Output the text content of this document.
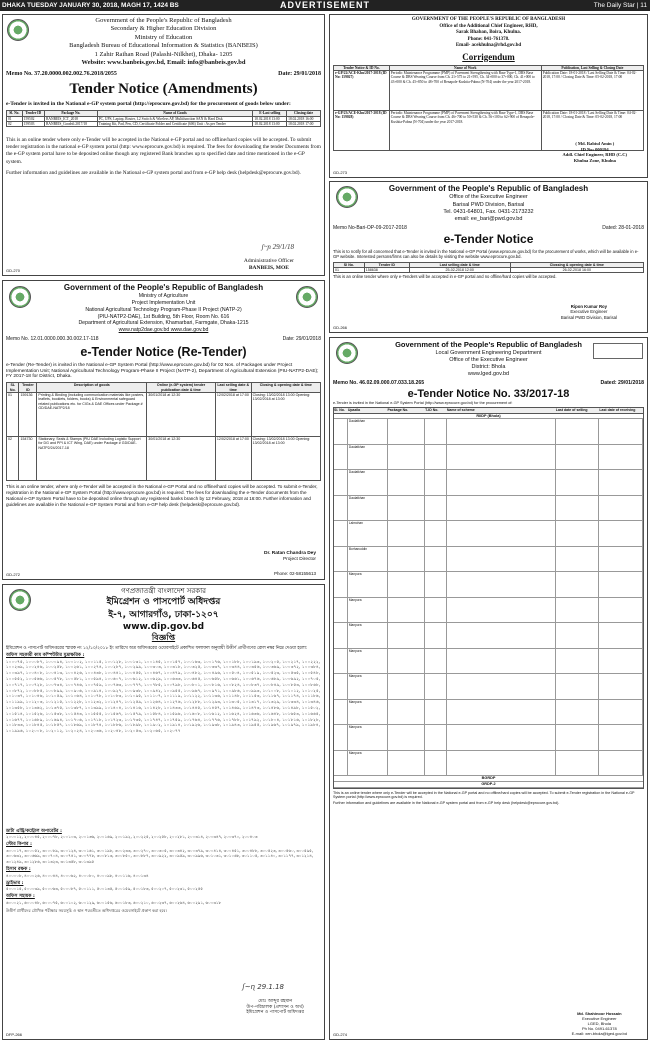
DHAKA TUESDAY JANUARY 30, 2018, MAGH 17, 1424 BS	ADVERTISEMENT	The Daily Star | 11
Government of the People's Republic of Bangladesh
Secondary & Higher Education Division
Ministry of Education
Bangladesh Bureau of Educational Information & Statistics (BANBEIS)
1 Zahir Raihan Road (Palashi-Nilkhet), Dhaka- 1205
Website: www.banbeis.gov.bd, Email: info@banbeis.gov.bd
Memo No. 37.20.0000.002.002.76.2018/2055	Date: 29/01/2018
Tender Notice (Amendments)
e-Tender is invited in the National e-GP system portal (http://eprocure.gov.bd) for the procurement of goods below under:
Sl. No.	Tender ID	Package No.	Name of Goods	E-Last selling	Closing date
01	159502	BANBEIS_ICT_2018	PC, UPS, Laptop, Router, L2 Switch & Wireless AP, Multifunction SAN & Hard Disk	18.02.2018 13:00	18.02.2018 16:00
02	159503	BANBEIS_Goods6.2017/18	Training Kit, Pad, Pen, CD, Certificate Folder and Certificate (606) Unit : As per Tender	18.02.2018 13:00	18.02.2018 17:00
This is an online tender where only e-Tender will be accepted in the National e-GP portal and no offline/hard copies will be accepted. To submit tender registration in the national e-GP system portal (http: www.eprocure.gov.bd) is required. The fees for downloading the tender Documents from the e-GP system portal have to be deposited online though any registered Bank branches up to specified date and time mentioned in the e-GP system.
Further information and guidelines are available in the National e-GP system portal and from e-GP help desk (helpdesk@eprocure.gov.bd).
ʃ~ɲ 29/1/18
Administrative Officer
BANBEIS, MOE
GD-270
GOVERNMENT OF THE PEOPLE'S REPUBLIC OF BANGLADESH
Office of the Additional Chief Engineer, RHD,
Sarak Bhaban, Boira, Khulna.
Phone: 041-761378.
Email- acekhulna@rhd.gov.bd
Corrigendum
Tender Notice & ID No.	Name of Work	Publication, Last Selling & Closing Date
e-GP/22/ACE-Khu/2017-2018 (ID No: 159027)	Periodic Maintenance Programme (PMP) of Pavement Strengthening with Base Type-1, DBS Base Course & DBS Wearing Course from Ch. 21+575 to 21+595, Ch. 34+000 to 37+000, Ch. 41+000 to 43+000 & Ch. 45+850 to 48+700 of Benapole-Kushtia-Pabna (N-704) under the year 2017-2018.	Publication Date: 18-01-2018 / Last Selling Date & Time: 04-02-2018, 17:00 / Closing Date & Time: 05-02-2018, 17:00
e-GP/23/ACE-Khu/2017-2018 (ID No: 159028)	Periodic Maintenance Programme (PMP) of Pavement Strengthening with Base Type-1, DBS Base Course & DBS Wearing Course from Ch. 46+700 to 50+530 & Ch. 56+100 to 62+900 of Benapole-Kushtia-Pabna (N-704) under the year 2017-2018.	Publication Date: 18-01-2018 / Last Selling Date & Time: 04-02-2018, 17:00 / Closing Date & Time: 05-02-2018, 17:00
( Md. Rabiul Amin )
ID No: 000194
Addl. Chief Engineer, RHD (C.C)
Khulna Zone, Khulna
GD-273
Government of the People's Republic of Bangladesh
Office of the Executive Engineer
Barisal PWD Division, Barisal
Tel. 0431-64801, Fax. 0431-2173232
email: ee_bari@pwd.gov.bd
Memo No-Bari-OP-09-2017-2018	Dated: 28-01-2018
e-Tender Notice
This is to notify for all concerned that e-Tender is invited in the National e-GP Portal (www.eprocure.gov.bd) for the procurement of works, which will be available in e-GP website. Interested persons/firms can also be details by visiting the website www.eprocure.gov.bd.
Sl No.	Tender ID	Last selling date & time	Clossing & opening date & time
01	158638	25-02-2018 12:00	26-02-2018 16:00
This is an online tender where only e-Tenders will be accepted in e-GP portal and no offline/hard copies will be accepted.
Ripon Kumar Roy
Executive Engineer
Barisal PWD Division, Barisal
GD-266
Government of the People's Republic of Bangladesh
Ministry of Agriculture
Project Implementation Unit
National Agricultural Technology Program-Phase II Project (NATP-2)
(PIU-NATP2-DAE), 1st Building, 5th Floor, Room No. 616
Department of Agricultural Extension, Khamarbari, Farmgate, Dhaka-1215
www.natp2dae.gov.bd www.dae.gov.bd
Memo No. 12.01.0000.000.30.002.17-118	Date: 29/01/2018
e-Tender Notice (Re-Tender)
e-Tender (Re-Tender) is invited in the National e-GP System Portal (http://www.eprocure.gov.bd) for 02 Nos. of Packages under Project Implementation Unit; National Agricultural Technology Program-Phase II Project (NATP-2), Department of Agricultural Extension (PIU-NATP2-DAE); FY 2017-18 for District, Dhaka.
SL No.	Tender ID	Description of goods	Online (e-GP system) tender publication date & time	Last selling date & time	Closing & opening date & time
01	159136	Printing & Binding (including communication materials like posters, leaflets, booklets, folders, books) & Environmental safeguard related publications etc. for CIGs & DAE Offices under Package # GD/DAE-NATP2/18	30/01/2018 at 12:30	12/02/2018 at 17:00	Closing: 13/02/2018 13:00 Opening: 13/02/2018 at 13:00
02	154730	Stationary, Seals & Stamps (PIU DAE Including Logistic Support for DG and PPI & ICT Wing, DAE) under Package # GD/DAE-NATP2/24/2017-18	30/01/2018 at 12:30	12/02/2018 at 17:00	Closing: 13/02/2018 13:00 Opening: 13/02/2018 at 13:00
This is an online tender, where only e-Tender will be accepted in the National e-GP Portal and no offline/hard copies will be accepted. To submit e-Tender, registration in the National e-GP System Portal (http://www.eprocure.gov.bd) is required. The fees for downloading the e-Tender documents from the National e-GP System Portal have to be deposited online through any registered banks branch by 12 February, 2018 at 16:00. Further information and guidelines are available in the National e-GP System Portal and from e-GP help desk (helpdesk@eprocure.gov.bd).
Dr. Ratan Chandra Dey
Project Director
Phone: 02-58155613
GD-272
গণপ্রজাতন্ত্রী বাংলাদেশ সরকার
ইমিগ্রেশন ও পাসপোর্ট অধিদপ্তর
ই-৭, আগারগাঁও, ঢাকা-১২০৭
www.dip.gov.bd
বিজ্ঞপ্তি
ইমিগ্রেশন ও পাসপোর্ট অধিদপ্তরের স্মারক নং ১২/১০/২০১৮ ইং তারিখে অত্র অধিদপ্তরের ওয়েবসাইটে প্রকাশিত ফলাফল অনুযায়ী উত্তীর্ণ প্রার্থীগণের রোল নম্বর নিম্নে দেওয়া হলো:
অফিস সহকারী কাম কম্পিউটার মুদ্রাক্ষরিক :
১০০০৭৫, ১০০০৮৭, ১০০০৯৪, ১০০১০২, ১০০১১৫, ১০০১২৮, ১০০১৩১, ১০০১৪৫, ১০০১৫৭, ১০০১৬৩, ১০০১৭৬, ১০০১৮৮, ১০০১৯৩, ১০০২০৫, ১০০২১৭, ১০০২২২, ১০০২৩৯, ১০০২৪৬, ১০০২৫৮, ১০০২৬১, ১০০২৭৪, ১০০২৮৭, ১০০২৯৯, ১০০৩০৩, ১০০৩১৮, ১০০৩২৫, ১০০৩৩৭, ১০০৩৪৪, ১০০৩৫৬, ১০০৩৬৯, ১০০৩৭২, ১০০৩৮৪, ১০০৩৯৭, ১০০৪০৮, ১০০৪১৩, ১০০৪২৬, ১০০৪৩৮, ১০০৪৪১, ১০০৪৫৫, ১০০৪৬৭, ১০০৪৭৯, ১০০৪৮২, ১০০৪৯৬, ১০০৫০৪, ১০০৫১৯, ১০০৫২৩, ১০০৫৩৫, ১০০৫৪৮, ১০০৫৫২, ১০০৫৬৬, ১০০৫৭৮, ১০০৫৮১, ১০০৫৯৪, ১০০৬০৭, ১০০৬১২, ১০০৬২৯, ১০০৬৩৩, ১০০৬৪৫, ১০০৬৫৮, ১০০৬৬১, ১০০৬৭৬, ১০০৬৮৯, ১০০৬৯২, ১০০৭০৫, ১০০৭১৭, ১০০৭২৮, ১০০৭৩৪, ১০০৭৪৬, ১০০৭৫৯, ১০০৭৬৩, ১০০৭৭৭, ১০০৭৮৫, ১০০৭৯৮, ১০০৮০১, ১০০৮১৬, ১০০৮২৪, ১০০৮৩৭, ১০০৮৪৯, ১০০৮৫৩, ১০০৮৬৮, ১০০৮৭২, ১০০৮৮৫, ১০০৮৯৯, ১০০৯০৬, ১০০৯১৪, ১০০৯২৭, ১০০৯৩৮, ১০০৯৪২, ১০০৯৫৫, ১০০৯৬৭, ১০০৯৭১, ১০০৯৮৬, ১০০৯৯৩, ১০১০০৮, ১০১০১২, ১০১০২৫, ১০১০৩৭, ১০১০৪৬, ১০১০৫৯, ১০১০৬৪, ১০১০৭৮, ১০১০৮৩, ১০১০৯৫, ১০১১০৭, ১০১১১৯, ১০১১২২, ১০১১৩৬, ১০১১৪৮, ১০১১৫৩, ১০১১৬৭, ১০১১৭৪, ১০১১৮৬, ১০১১৯৯, ১০১২০৩, ১০১২১৫, ১০১২২৮, ১০১২৩২, ১০১২৪৭, ১০১২৫৯, ১০১২৬৪, ১০১২৭৬, ১০১২৮৮, ১০১২৯৩, ১০১৩০৫, ১০১৩১৭, ১০১৩২৯, ১০১৩৩৪, ১০১৩৪৬, ১০১৩৫৮, ১০১৩৬২, ১০১৩৭৫, ১০১৩৮৭, ১০১৩৯৯, ১০১৪০৪, ১০১৪১৬, ১০১৪২৮, ১০১৪৩৩, ১০১৪৪৫, ১০১৪৫৭, ১০১৪৬৯, ১০১৪৭৩, ১০১৪৮৬, ১০১৪৯৮, ১০১৫০২, ১০১৫১৪, ১০১৫২৬, ১০১৫৩৮, ১০১৫৪৩, ১০১৫৫৫, ১০১৫৬৭, ১০১৫৭৯, ১০১৫৮৪, ১০১৫৯৬, ১০১৬০৮, ১০১৬১২, ১০১৬২৪, ১০১৬৩৬, ১০১৬৪৮, ১০১৬৫৩, ১০১৬৬৫, ১০১৬৭৭, ১০১৬৮৯, ১০১৬৯৪, ১০১৭০৬, ১০১৭১৮, ১০১৭২৩, ১০১৭৩৫, ১০১৭৪৭, ১০১৭৫৯, ১০১৭৬৪, ১০১৭৭৬, ১০১৭৮৮, ১০১৭৯২, ১০১৮০৪, ১০১৮১৬, ১০১৮২৮, ১০১৮৩৩, ১০১৮৪৫, ১০১৮৫৭, ১০১৮৬৯, ১০১৮৭৪, ১০১৮৮৬, ১০১৮৯৮, ১০১৯০২, ১০১৯১৪, ১০১৯২৬, ১০১৯৩৮, ১০১৯৪৩, ১০১৯৫৫, ১০১৯৬৭, ১০১৯৭৯, ১০১৯৮৪, ১০১৯৯৬, ১০২০০৮, ১০২০১২, ১০২০২৪, ১০২০৩৬, ১০২০৪৮, ১০২০৫৩, ১০২০৬৫, ১০২০৭৭
ডাটা এন্ট্রি/কন্ট্রোল অপারেটর :
২০০০১২, ২০০০৪৫, ২০০০৭৮, ২০০১০৩, ২০০১৩৬, ২০০১৬৯, ২০০১৯২, ২০০২২৫, ২০০২৫৮, ২০০২৮১, ২০০৩১৪, ২০০৩৪৭, ২০০৩৭০, ২০০৪০৩
স্টোর কিপার :
৩০০০১৭, ৩০০০৫২, ৩০০০৮৯, ৩০০১২৪, ৩০০১৬১, ৩০০১৯৮, ৩০০২৩৩, ৩০০২৭০, ৩০০৩০৫, ৩০০৩৪২, ৩০০৩৭৯, ৩০০৪১৪, ৩০০৪৫১, ৩০০৪৮৮, ৩০০৫২৩, ৩০০৫৬০, ৩০০৫৯৫, ৩০০৬৩২, ৩০০৬৬৯, ৩০০৭০৪, ৩০০৭৪১, ৩০০৭৭৮, ৩০০৮১৩, ৩০০৮৫০, ৩০০৮৮৭, ৩০০৯২২, ৩০০৯৫৯, ৩০০৯৯৬, ৩০১০৩১, ৩০১০৬৮, ৩০১১০৫, ৩০১১৪০, ৩০১১৭৭, ৩০১২১৪, ৩০১২৪৯, ৩০১২৮৬, ৩০১৩২৩, ৩০১৩৫৮, ৩০১৩৯৫
হিসাব রক্ষক :
৪০০০০৮, ৪০০০২৬, ৪০০০৪৪, ৪০০০৬২, ৪০০০৮০, ৪০০০৯৮, ৪০০১১৬, ৪০০১৩৪
ড্রাইভার :
৫০০০১৫, ৫০০০৩৯, ৫০০০৬৩, ৫০০০৮৭, ৫০০১১১, ৫০০১৩৫, ৫০০১৫৯, ৫০০১৮৩, ৫০০২০৭, ৫০০২৩১, ৫০০২৫৫
অফিস সহায়ক :
৬০০০২১, ৬০০০৪৮, ৬০০০৭৫, ৬০০১০২, ৬০০১২৯, ৬০০১৫৬, ৬০০১৮৩, ৬০০২১০, ৬০০২৩৭, ৬০০২৬৪, ৬০০২৯১, ৬০০৩১৮
উত্তীর্ণ প্রার্থীদের মৌখিক পরীক্ষার সময়সূচি ও স্থান পরবর্তীতে অধিদপ্তরের ওয়েবসাইটে প্রকাশ করা হবে।
ʃ~ɳ 29.1.18
মোঃ আব্দুর রহমান
উপ-পরিচালক (প্রশাসন ও অর্থ)
ইমিগ্রেশন ও পাসপোর্ট অধিদপ্তর
DFP-266
Government of the People's Republic of Bangladesh
Local Government Engineering Department
Office of the Executive Engineer
District: Bhola
www.lged.gov.bd
Memo No. 46.02.09.000.07.033.18.265	Dated: 29/01/2018
e-Tender Notice No. 33/2017-18
e-Tender is invited in the National e-GP System Portal (http://www.eprocure.gov.bd) for the procurement of:
Sl. No. Upazila	Package No.	T-ID No.	Name of scheme	Last date of selling	Last date of receiving
RIIDP (Bhola)
Daulatkhan
Daulatkhan
Daulatkhan
Daulatkhan
Lalmohan
Borhanuddin
Manpura
Manpura
Manpura
Manpura
Manpura
Manpura
Manpura
Manpura
BGRDP
GRDP-2
This is an online tender where only e-Tender will be accepted in the National e-GP portal and no offline/hard copies will be accepted. To submit e-Tender registration in the National e-GP System portal (http://www.eprocure.gov.bd) is required.
Further information and guidelines are available in the National e-GP system portal and from e-GP help desk (helpdesk@eprocure.gov.bd).
Md. Shahinoor Hossain
Executive Engineer
LGED, Bhola
Ph No. 0491-61378
E-mail: xen.bhola@lged.gov.bd
GD-274
